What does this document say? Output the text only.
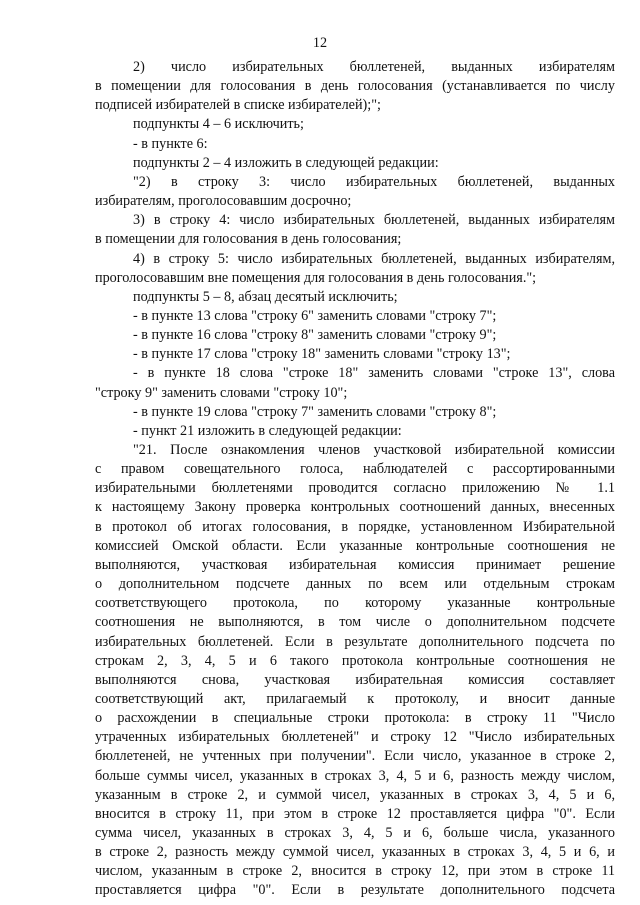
12
2) число избирательных бюллетеней, выданных избирателям
в помещении для голосования в день голосования (устанавливается по числу
подписей избирателей в списке избирателей);";
подпункты 4 – 6 исключить;
- в пункте 6:
подпункты 2 – 4 изложить в следующей редакции:
"2) в строку 3: число избирательных бюллетеней, выданных
избирателям, проголосовавшим досрочно;
3) в строку 4: число избирательных бюллетеней, выданных избирателям
в помещении для голосования в день голосования;
4) в строку 5: число избирательных бюллетеней, выданных избирателям,
проголосовавшим вне помещения для голосования в день голосования.";
подпункты 5 – 8, абзац десятый исключить;
- в пункте 13 слова "строку 6" заменить словами "строку 7";
- в пункте 16 слова "строку 8" заменить словами "строку 9";
- в пункте 17 слова "строку 18" заменить словами "строку 13";
- в пункте 18 слова "строке 18" заменить словами "строке 13", слова
"строку 9" заменить словами "строку 10";
- в пункте 19 слова "строку 7" заменить словами "строку 8";
- пункт 21 изложить в следующей редакции:
"21. После ознакомления членов участковой избирательной комиссии
с правом совещательного голоса, наблюдателей с рассортированными
избирательными бюллетенями проводится согласно приложению № 1.1
к настоящему Закону проверка контрольных соотношений данных, внесенных
в протокол об итогах голосования, в порядке, установленном Избирательной
комиссией Омской области. Если указанные контрольные соотношения не
выполняются, участковая избирательная комиссия принимает решение
о дополнительном подсчете данных по всем или отдельным строкам
соответствующего протокола, по которому указанные контрольные
соотношения не выполняются, в том числе о дополнительном подсчете
избирательных бюллетеней. Если в результате дополнительного подсчета по
строкам 2, 3, 4, 5 и 6 такого протокола контрольные соотношения не
выполняются снова, участковая избирательная комиссия составляет
соответствующий акт, прилагаемый к протоколу, и вносит данные
о расхождении в специальные строки протокола: в строку 11 "Число
утраченных избирательных бюллетеней" и строку 12 "Число избирательных
бюллетеней, не учтенных при получении". Если число, указанное в строке 2,
больше суммы чисел, указанных в строках 3, 4, 5 и 6, разность между числом,
указанным в строке 2, и суммой чисел, указанных в строках 3, 4, 5 и 6,
вносится в строку 11, при этом в строке 12 проставляется цифра "0". Если
сумма чисел, указанных в строках 3, 4, 5 и 6, больше числа, указанного
в строке 2, разность между суммой чисел, указанных в строках 3, 4, 5 и 6, и
числом, указанным в строке 2, вносится в строку 12, при этом в строке 11
проставляется цифра "0". Если в результате дополнительного подсчета
